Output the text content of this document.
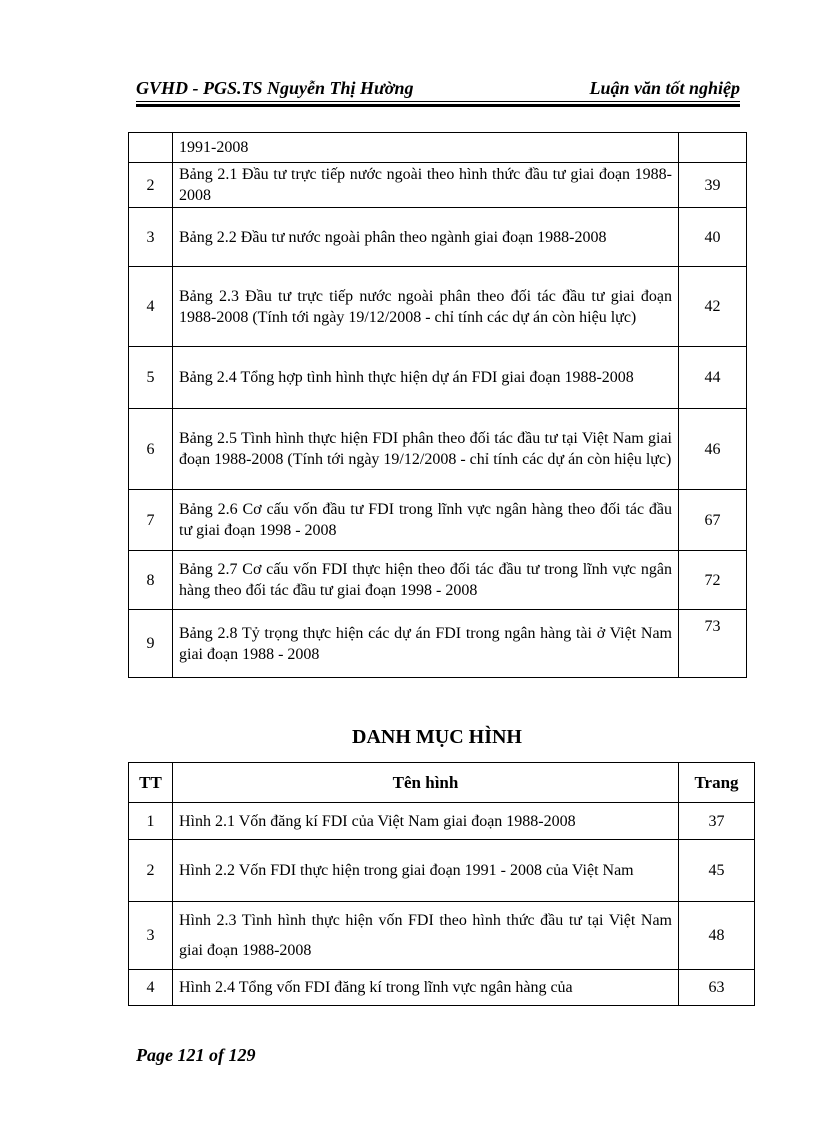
GVHD - PGS.TS Nguyễn Thị Hường	Luận văn tốt nghiệp
	1991-2008	
2	Bảng 2.1 Đầu tư trực tiếp nước ngoài theo hình thức đầu tư giai đoạn 1988-2008	39
3	Bảng 2.2 Đầu tư nước ngoài phân theo ngành giai đoạn 1988-2008	40
4	Bảng 2.3 Đầu tư trực tiếp nước ngoài phân theo đối tác đầu tư giai đoạn 1988-2008 (Tính tới ngày 19/12/2008 - chỉ tính các dự án còn hiệu lực)	42
5	Bảng 2.4 Tổng hợp tình hình thực hiện dự án FDI giai đoạn 1988-2008	44
6	Bảng 2.5 Tình hình thực hiện FDI phân theo đối tác đầu tư tại Việt Nam giai đoạn 1988-2008 (Tính tới ngày 19/12/2008 - chỉ tính các dự án còn hiệu lực)	46
7	Bảng 2.6 Cơ cấu vốn đầu tư FDI trong lĩnh vực ngân hàng theo đối tác đầu tư giai đoạn 1998 - 2008	67
8	Bảng 2.7 Cơ cấu vốn FDI thực hiện theo đối tác đầu tư trong lĩnh vực ngân hàng theo đối tác đầu tư giai đoạn 1998 - 2008	72
9	Bảng 2.8 Tỷ trọng thực hiện các dự án FDI trong ngân hàng tài ở Việt Nam giai đoạn 1988 - 2008	73
DANH MỤC HÌNH
TT	Tên hình	Trang
1	Hình 2.1 Vốn đăng kí FDI của Việt Nam giai đoạn 1988-2008	37
2	Hình 2.2 Vốn FDI thực hiện trong giai đoạn 1991 - 2008 của Việt Nam	45
3	Hình 2.3 Tình hình thực hiện vốn FDI theo hình thức đầu tư tại Việt Nam giai đoạn 1988-2008	48
4	Hình 2.4 Tổng vốn FDI đăng kí trong lĩnh vực ngân hàng của	63
Page 121 of 129
